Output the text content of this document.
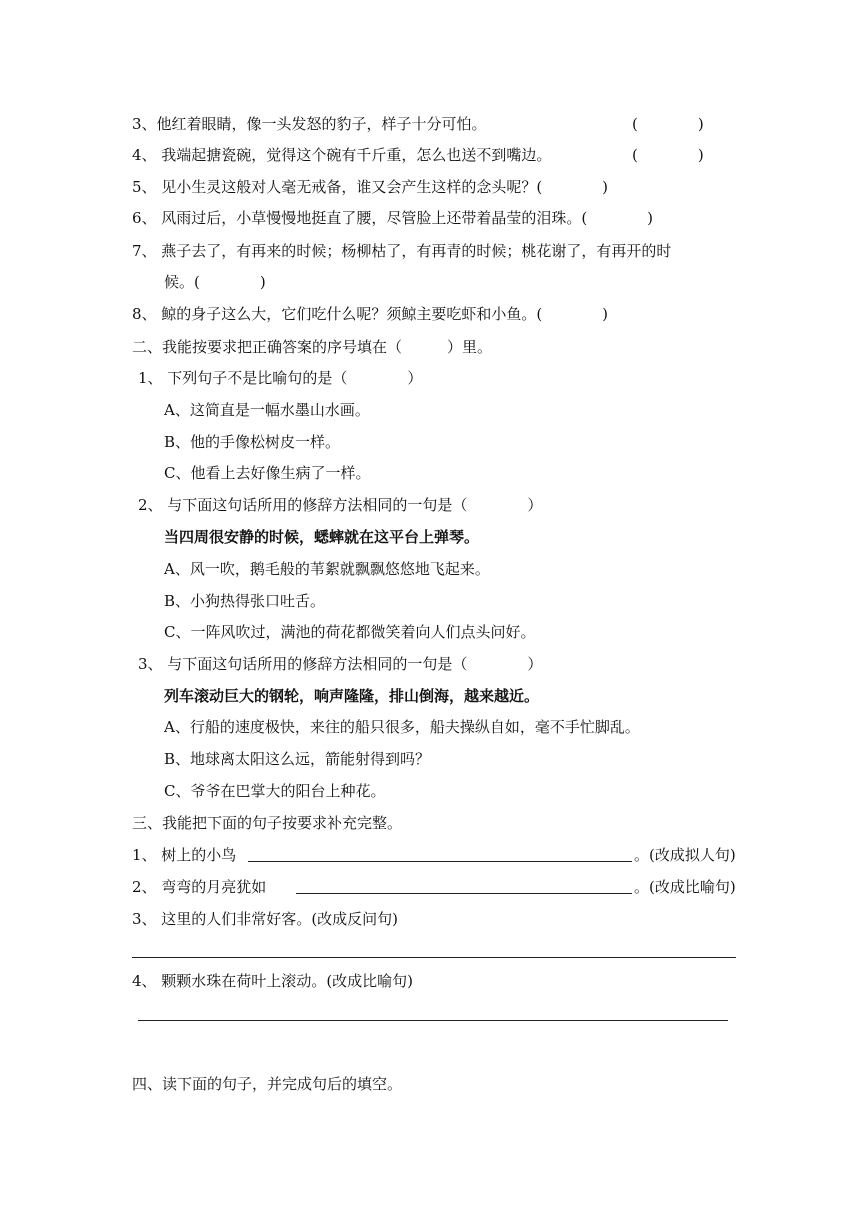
3、他红着眼睛，像一头发怒的豹子，样子十分可怕。	(　　　　)
4、 我端起搪瓷碗，觉得这个碗有千斤重，怎么也送不到嘴边。	(　　　　)
5、 见小生灵这般对人毫无戒备，谁又会产生这样的念头呢？(　　　　)
6、 风雨过后，小草慢慢地挺直了腰，尽管脸上还带着晶莹的泪珠。(　　　　)
7、 燕子去了，有再来的时候；杨柳枯了，有再青的时候；桃花谢了，有再开的时
候。(　　　　)
8、 鲸的身子这么大，它们吃什么呢？须鲸主要吃虾和小鱼。(　　　　)
二、我能按要求把正确答案的序号填在（　　　）里。
1、 下列句子不是比喻句的是（　　　　）
A、这简直是一幅水墨山水画。
B、他的手像松树皮一样。
C、他看上去好像生病了一样。
2、 与下面这句话所用的修辞方法相同的一句是（　　　　）
当四周很安静的时候，蟋蟀就在这平台上弹琴。
A、风一吹，鹅毛般的苇絮就飘飘悠悠地飞起来。
B、小狗热得张口吐舌。
C、一阵风吹过，满池的荷花都微笑着向人们点头问好。
3、 与下面这句话所用的修辞方法相同的一句是（　　　　）
列车滚动巨大的钢轮，响声隆隆，排山倒海，越来越近。
A、行船的速度极快，来往的船只很多，船夫操纵自如，毫不手忙脚乱。
B、地球离太阳这么远，箭能射得到吗？
C、爷爷在巴掌大的阳台上种花。
三、我能把下面的句子按要求补充完整。
1、 树上的小鸟	。(改成拟人句)
2、 弯弯的月亮犹如	。(改成比喻句)
3、 这里的人们非常好客。(改成反问句)
4、 颗颗水珠在荷叶上滚动。(改成比喻句)
四、读下面的句子，并完成句后的填空。
